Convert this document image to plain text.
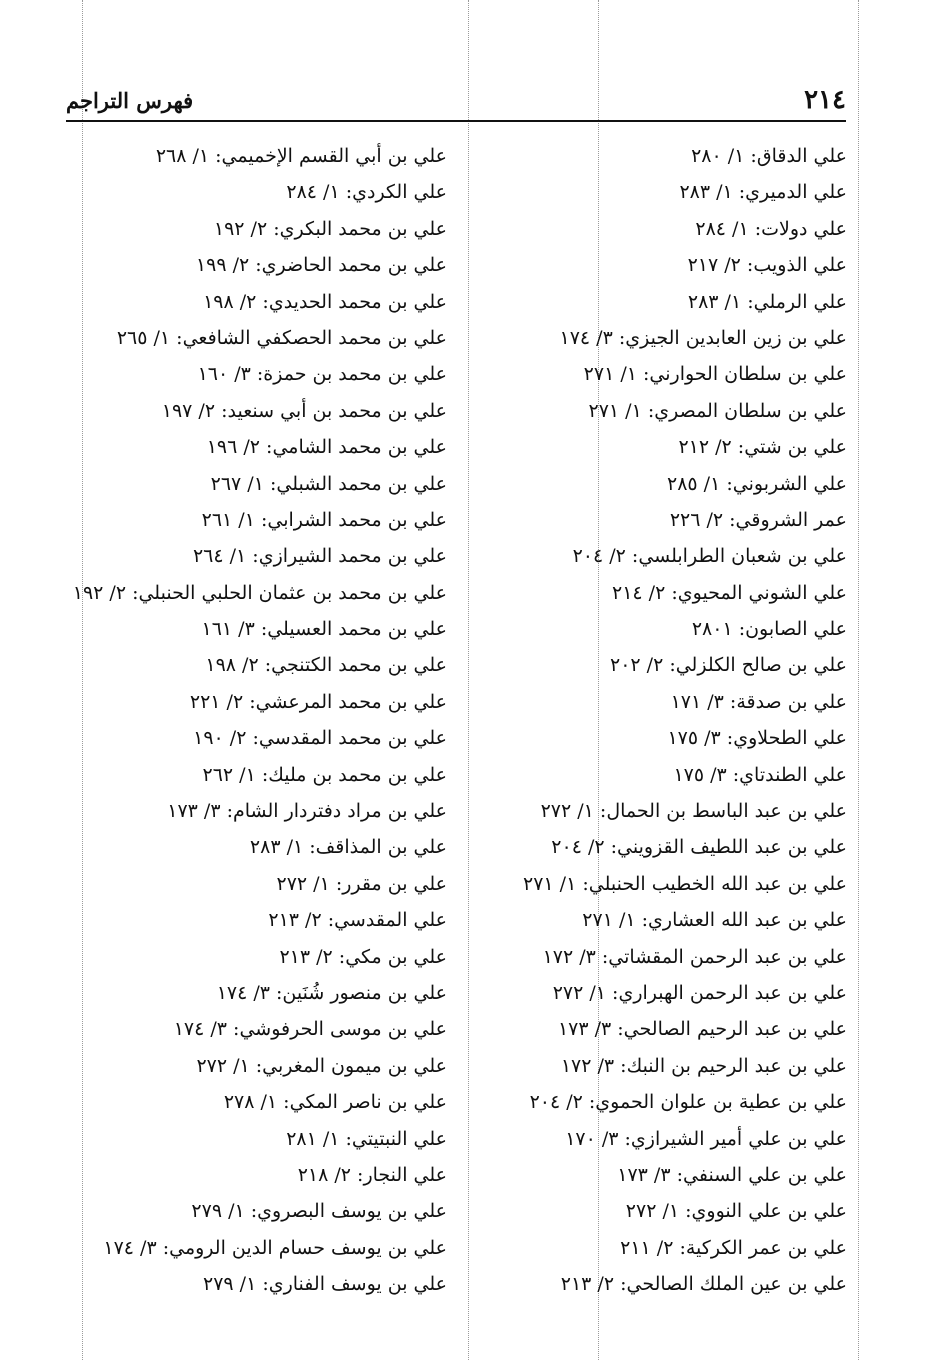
٢١٤
فهرس التراجم
علي الدقاق: ١/ ٢٨٠
علي الدميري: ١/ ٢٨٣
علي دولات: ١/ ٢٨٤
علي الذويب: ٢/ ٢١٧
علي الرملي: ١/ ٢٨٣
علي بن زين العابدين الجيزي: ٣/ ١٧٤
علي بن سلطان الحوارني: ١/ ٢٧١
علي بن سلطان المصري: ١/ ٢٧١
علي بن شتي: ٢/ ٢١٢
علي الشربوني: ١/ ٢٨٥
عمر الشروقي: ٢/ ٢٢٦
علي بن شعبان الطرابلسي: ٢/ ٢٠٤
علي الشوني المحيوي: ٢/ ٢١٤
علي الصابون: ٢٨٠١
علي بن صالح الكلزلي: ٢/ ٢٠٢
علي بن صدقة: ٣/ ١٧١
علي الطحلاوي: ٣/ ١٧٥
علي الطندتاي: ٣/ ١٧٥
علي بن عبد الباسط بن الحمال: ١/ ٢٧٢
علي بن عبد اللطيف القزويني: ٢/ ٢٠٤
علي بن عبد الله الخطيب الحنبلي: ١/ ٢٧١
علي بن عبد الله العشاري: ١/ ٢٧١
علي بن عبد الرحمن المقشاتي: ٣/ ١٧٢
علي بن عبد الرحمن الهبراري: ١/ ٢٧٢
علي بن عبد الرحيم الصالحي: ٣/ ١٧٣
علي بن عبد الرحيم بن النبك: ٣/ ١٧٢
علي بن عطية بن علوان الحموي: ٢/ ٢٠٤
علي بن علي أمير الشيرازي: ٣/ ١٧٠
علي بن علي السنفي: ٣/ ١٧٣
علي بن علي النووي: ١/ ٢٧٢
علي بن عمر الكركية: ٢/ ٢١١
علي بن عين الملك الصالحي: ٢/ ٢١٣
علي بن أبي القسم الإخميمي: ١/ ٢٦٨
علي الكردي: ١/ ٢٨٤
علي بن محمد البكري: ٢/ ١٩٢
علي بن محمد الحاضري: ٢/ ١٩٩
علي بن محمد الحديدي: ٢/ ١٩٨
علي بن محمد الحصكفي الشافعي: ١/ ٢٦٥
علي بن محمد بن حمزة: ٣/ ١٦٠
علي بن محمد بن أبي سنعيد: ٢/ ١٩٧
علي بن محمد الشامي: ٢/ ١٩٦
علي بن محمد الشبلي: ١/ ٢٦٧
علي بن محمد الشرابي: ١/ ٢٦١
علي بن محمد الشيرازي: ١/ ٢٦٤
علي بن محمد بن عثمان الحلبي الحنبلي: ٢/ ١٩٢
علي بن محمد العسيلي: ٣/ ١٦١
علي بن محمد الكتنجي: ٢/ ١٩٨
علي بن محمد المرعشي: ٢/ ٢٢١
علي بن محمد المقدسي: ٢/ ١٩٠
علي بن محمد بن مليك: ١/ ٢٦٢
علي بن مراد دفتردار الشام: ٣/ ١٧٣
علي بن المذاقف: ١/ ٢٨٣
علي بن مقرر: ١/ ٢٧٢
علي المقدسي: ٢/ ٢١٣
علي بن مكي: ٢/ ٢١٣
علي بن منصور شُنَين: ٣/ ١٧٤
علي بن موسى الحرفوشي: ٣/ ١٧٤
علي بن ميمون المغربي: ١/ ٢٧٢
علي بن ناصر المكي: ١/ ٢٧٨
علي النبتيتي: ١/ ٢٨١
علي النجار: ٢/ ٢١٨
علي بن يوسف البصروي: ١/ ٢٧٩
علي بن يوسف حسام الدين الرومي: ٣/ ١٧٤
علي بن يوسف الفناري: ١/ ٢٧٩
